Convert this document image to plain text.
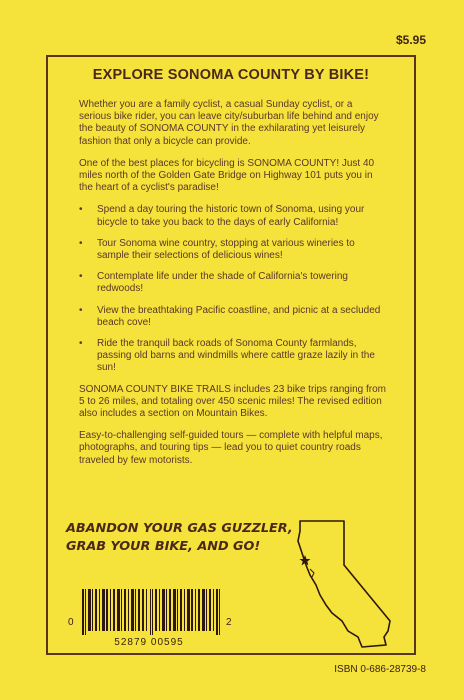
$5.95
EXPLORE SONOMA COUNTY BY BIKE!

Whether you are a family cyclist, a casual Sunday cyclist, or a serious bike rider, you can leave city/suburban life behind and enjoy the beauty of SONOMA COUNTY in the exhilarating yet leisurely fashion that only a bicycle can provide.

One of the best places for bicycling is SONOMA COUNTY! Just 40 miles north of the Golden Gate Bridge on Highway 101 puts you in the heart of a cyclist's paradise!

•	Spend a day touring the historic town of Sonoma, using your bicycle to take you back to the days of early California!
•	Tour Sonoma wine country, stopping at various wineries to sample their selections of delicious wines!
•	Contemplate life under the shade of California's towering redwoods!
•	View the breathtaking Pacific coastline, and picnic at a secluded beach cove!
•	Ride the tranquil back roads of Sonoma County farmlands, passing old barns and windmills where cattle graze lazily in the sun!

SONOMA COUNTY BIKE TRAILS includes 23 bike trips ranging from 5 to 26 miles, and totaling over 450 scenic miles! The revised edition also includes a section on Mountain Bikes.

Easy-to-challenging self-guided tours — complete with helpful maps, photographs, and touring tips — lead you to quiet country roads traveled by few motorists.

ABANDON YOUR GAS GUZZLER,
GRAB YOUR BIKE, AND GO!
0	2
52879 00595
ISBN 0-686-28739-8
